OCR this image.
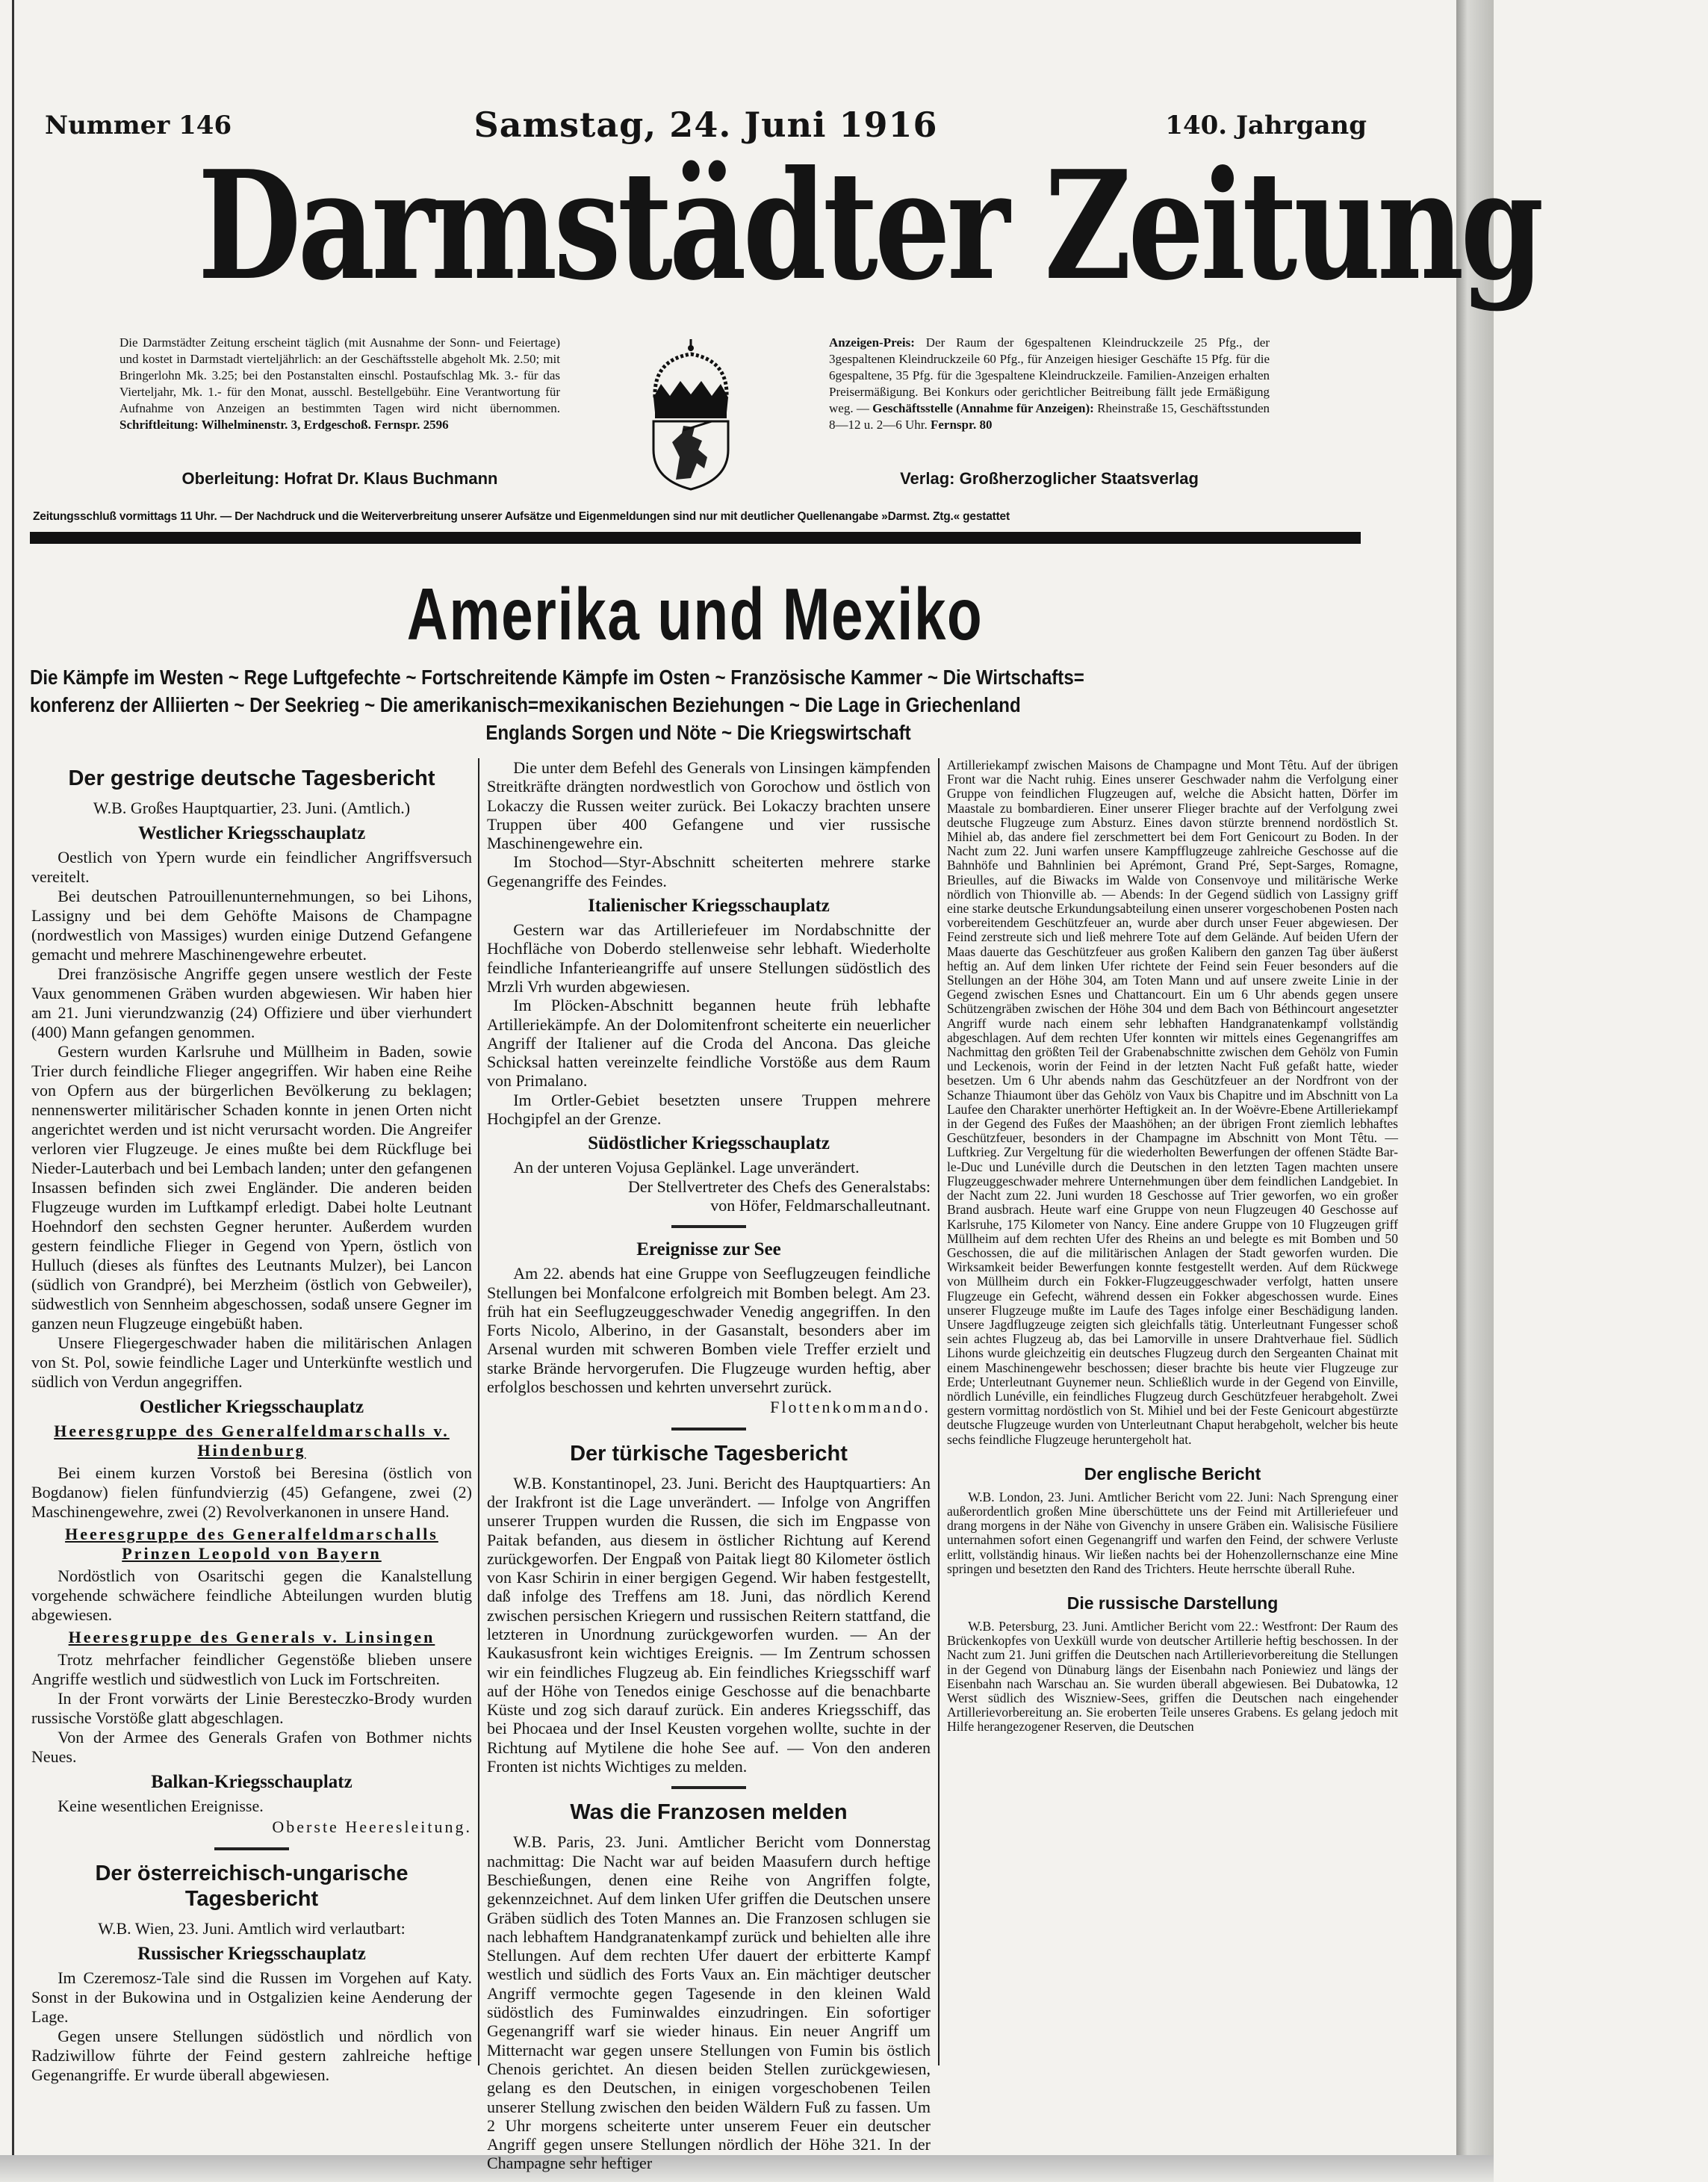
Nummer 146	Samstag, 24. Juni 1916	140. Jahrgang
Darmstädter Zeitung
Die Darmstädter Zeitung erscheint täglich (mit Ausnahme der Sonn- und Feiertage) und kostet in Darmstadt vierteljährlich: an der Geschäftsstelle abgeholt Mk. 2.50; mit Bringerlohn Mk. 3.25; bei den Postanstalten einschl. Postaufschlag Mk. 3.- für das Vierteljahr, Mk. 1.- für den Monat, ausschl. Bestellgebühr. Eine Verantwortung für Aufnahme von Anzeigen an bestimmten Tagen wird nicht übernommen. Schriftleitung: Wilhelminenstr. 3, Erdgeschoß. Fernspr. 2596
Oberleitung: Hofrat Dr. Klaus Buchmann
Anzeigen-Preis: Der Raum der 6gespaltenen Kleindruckzeile 25 Pfg., der 3gespaltenen Kleindruckzeile 60 Pfg., für Anzeigen hiesiger Geschäfte 15 Pfg. für die 6gespaltene, 35 Pfg. für die 3gespaltene Kleindruckzeile. Familien-Anzeigen erhalten Preisermäßigung. Bei Konkurs oder gerichtlicher Beitreibung fällt jede Ermäßigung weg. — Geschäftsstelle (Annahme für Anzeigen): Rheinstraße 15, Geschäftsstunden 8—12 u. 2—6 Uhr. Fernspr. 80
Verlag: Großherzoglicher Staatsverlag
Zeitungsschluß vormittags 11 Uhr. — Der Nachdruck und die Weiterverbreitung unserer Aufsätze und Eigenmeldungen sind nur mit deutlicher Quellenangabe »Darmst. Ztg.« gestattet
Amerika und Mexiko
Die Kämpfe im Westen ~ Rege Luftgefechte ~ Fortschreitende Kämpfe im Osten ~ Französische Kammer ~ Die Wirtschafts=
konferenz der Alliierten ~ Der Seekrieg ~ Die amerikanisch=mexikanischen Beziehungen ~ Die Lage in Griechenland
Englands Sorgen und Nöte ~ Die Kriegswirtschaft
Der gestrige deutsche Tagesbericht
W.B. Großes Hauptquartier, 23. Juni. (Amtlich.)
Westlicher Kriegsschauplatz

Oestlich von Ypern wurde ein feindlicher Angriffsversuch vereitelt.

Bei deutschen Patrouillenunternehmungen, so bei Lihons, Lassigny und bei dem Gehöfte Maisons de Champagne (nordwestlich von Massiges) wurden einige Dutzend Gefangene gemacht und mehrere Maschinengewehre erbeutet.

Drei französische Angriffe gegen unsere westlich der Feste Vaux genommenen Gräben wurden abgewiesen. Wir haben hier am 21. Juni vierundzwanzig (24) Offiziere und über vierhundert (400) Mann gefangen genommen.

Gestern wurden Karlsruhe und Müllheim in Baden, sowie Trier durch feindliche Flieger angegriffen. Wir haben eine Reihe von Opfern aus der bürgerlichen Bevölkerung zu beklagen; nennenswerter militärischer Schaden konnte in jenen Orten nicht angerichtet werden und ist nicht verursacht worden. Die Angreifer verloren vier Flugzeuge. Je eines mußte bei dem Rückfluge bei Nieder-Lauterbach und bei Lembach landen; unter den gefangenen Insassen befinden sich zwei Engländer. Die anderen beiden Flugzeuge wurden im Luftkampf erledigt. Dabei holte Leutnant Hoehndorf den sechsten Gegner herunter. Außerdem wurden gestern feindliche Flieger in Gegend von Ypern, östlich von Hulluch (dieses als fünftes des Leutnants Mulzer), bei Lancon (südlich von Grandpré), bei Merzheim (östlich von Gebweiler), südwestlich von Sennheim abgeschossen, sodaß unsere Gegner im ganzen neun Flugzeuge eingebüßt haben.

Unsere Fliegergeschwader haben die militärischen Anlagen von St. Pol, sowie feindliche Lager und Unterkünfte westlich und südlich von Verdun angegriffen.

Oestlicher Kriegsschauplatz
Heeresgruppe des Generalfeldmarschalls v. Hindenburg

Bei einem kurzen Vorstoß bei Beresina (östlich von Bogdanow) fielen fünfundvierzig (45) Gefangene, zwei (2) Maschinengewehre, zwei (2) Revolverkanonen in unsere Hand.

Heeresgruppe des Generalfeldmarschalls Prinzen Leopold von Bayern

Nordöstlich von Osaritschi gegen die Kanalstellung vorgehende schwächere feindliche Abteilungen wurden blutig abgewiesen.

Heeresgruppe des Generals v. Linsingen

Trotz mehrfacher feindlicher Gegenstöße blieben unsere Angriffe westlich und südwestlich von Luck im Fortschreiten.

In der Front vorwärts der Linie Beresteczko-Brody wurden russische Vorstöße glatt abgeschlagen.

Von der Armee des Generals Grafen von Bothmer nichts Neues.

Balkan-Kriegsschauplatz

Keine wesentlichen Ereignisse.

Oberste Heeresleitung.
Der österreichisch-ungarische Tagesbericht
W.B. Wien, 23. Juni. Amtlich wird verlautbart:
Russischer Kriegsschauplatz

Im Czeremosz-Tale sind die Russen im Vorgehen auf Katy. Sonst in der Bukowina und in Ostgalizien keine Aenderung der Lage.

Gegen unsere Stellungen südöstlich und nördlich von Radziwillow führte der Feind gestern zahlreiche heftige Gegenangriffe. Er wurde überall abgewiesen.

Die unter dem Befehl des Generals von Linsingen kämpfenden Streitkräfte drängten nordwestlich von Gorochow und östlich von Lokaczy die Russen weiter zurück. Bei Lokaczy brachten unsere Truppen über 400 Gefangene und vier russische Maschinengewehre ein.

Im Stochod—Styr-Abschnitt scheiterten mehrere starke Gegenangriffe des Feindes.

Italienischer Kriegsschauplatz

Gestern war das Artilleriefeuer im Nordabschnitte der Hochfläche von Doberdo stellenweise sehr lebhaft. Wiederholte feindliche Infanterieangriffe auf unsere Stellungen südöstlich des Mrzli Vrh wurden abgewiesen.

Im Plöcken-Abschnitt begannen heute früh lebhafte Artilleriekämpfe. An der Dolomitenfront scheiterte ein neuerlicher Angriff der Italiener auf die Croda del Ancona. Das gleiche Schicksal hatten vereinzelte feindliche Vorstöße aus dem Raum von Primalano.

Im Ortler-Gebiet besetzten unsere Truppen mehrere Hochgipfel an der Grenze.

Südöstlicher Kriegsschauplatz

An der unteren Vojusa Geplänkel. Lage unverändert.

Der Stellvertreter des Chefs des Generalstabs:
von Höfer, Feldmarschalleutnant.
Ereignisse zur See

Am 22. abends hat eine Gruppe von Seeflugzeugen feindliche Stellungen bei Monfalcone erfolgreich mit Bomben belegt. Am 23. früh hat ein Seeflugzeuggeschwader Venedig angegriffen. In den Forts Nicolo, Alberino, in der Gasanstalt, besonders aber im Arsenal wurden mit schweren Bomben viele Treffer erzielt und starke Brände hervorgerufen. Die Flugzeuge wurden heftig, aber erfolglos beschossen und kehrten unversehrt zurück.

Flottenkommando.
Der türkische Tagesbericht

W.B. Konstantinopel, 23. Juni. Bericht des Hauptquartiers: An der Irakfront ist die Lage unverändert. — Infolge von Angriffen unserer Truppen wurden die Russen, die sich im Engpasse von Paitak befanden, aus diesem in östlicher Richtung auf Kerend zurückgeworfen. Der Engpaß von Paitak liegt 80 Kilometer östlich von Kasr Schirin in einer bergigen Gegend. Wir haben festgestellt, daß infolge des Treffens am 18. Juni, das nördlich Kerend zwischen persischen Kriegern und russischen Reitern stattfand, die letzteren in Unordnung zurückgeworfen wurden. — An der Kaukasusfront kein wichtiges Ereignis. — Im Zentrum schossen wir ein feindliches Flugzeug ab. Ein feindliches Kriegsschiff warf auf der Höhe von Tenedos einige Geschosse auf die benachbarte Küste und zog sich darauf zurück. Ein anderes Kriegsschiff, das bei Phocaea und der Insel Keusten vorgehen wollte, suchte in der Richtung auf Mytilene die hohe See auf. — Von den anderen Fronten ist nichts Wichtiges zu melden.

Was die Franzosen melden

W.B. Paris, 23. Juni. Amtlicher Bericht vom Donnerstag nachmittag: Die Nacht war auf beiden Maasufern durch heftige Beschießungen, denen eine Reihe von Angriffen folgte, gekennzeichnet. Auf dem linken Ufer griffen die Deutschen unsere Gräben südlich des Toten Mannes an. Die Franzosen schlugen sie nach lebhaftem Handgranatenkampf zurück und behielten alle ihre Stellungen. Auf dem rechten Ufer dauert der erbitterte Kampf westlich und südlich des Forts Vaux an. Ein mächtiger deutscher Angriff vermochte gegen Tagesende in den kleinen Wald südöstlich des Fuminwaldes einzudringen. Ein sofortiger Gegenangriff warf sie wieder hinaus. Ein neuer Angriff um Mitternacht war gegen unsere Stellungen von Fumin bis östlich Chenois gerichtet. An diesen beiden Stellen zurückgewiesen, gelang es den Deutschen, in einigen vorgeschobenen Teilen unserer Stellung zwischen den beiden Wäldern Fuß zu fassen. Um 2 Uhr morgens scheiterte unter unserem Feuer ein deutscher Angriff gegen unsere Stellungen nördlich der Höhe 321. In der Champagne sehr heftiger

Artilleriekampf zwischen Maisons de Champagne und Mont Têtu. Auf der übrigen Front war die Nacht ruhig. Eines unserer Geschwader nahm die Verfolgung einer Gruppe von feindlichen Flugzeugen auf, welche die Absicht hatten, Dörfer im Maastale zu bombardieren. Einer unserer Flieger brachte auf der Verfolgung zwei deutsche Flugzeuge zum Absturz. Eines davon stürzte brennend nordöstlich St. Mihiel ab, das andere fiel zerschmettert bei dem Fort Genicourt zu Boden. In der Nacht zum 22. Juni warfen unsere Kampfflugzeuge zahlreiche Geschosse auf die Bahnhöfe und Bahnlinien bei Aprémont, Grand Pré, Sept-Sarges, Romagne, Brieulles, auf die Biwacks im Walde von Consenvoye und militärische Werke nördlich von Thionville ab. — Abends: In der Gegend südlich von Lassigny griff eine starke deutsche Erkundungsabteilung einen unserer vorgeschobenen Posten nach vorbereitendem Geschützfeuer an, wurde aber durch unser Feuer abgewiesen. Der Feind zerstreute sich und ließ mehrere Tote auf dem Gelände. Auf beiden Ufern der Maas dauerte das Geschützfeuer aus großen Kalibern den ganzen Tag über äußerst heftig an. Auf dem linken Ufer richtete der Feind sein Feuer besonders auf die Stellungen an der Höhe 304, am Toten Mann und auf unsere zweite Linie in der Gegend zwischen Esnes und Chattancourt. Ein um 6 Uhr abends gegen unsere Schützengräben zwischen der Höhe 304 und dem Bach von Béthincourt angesetzter Angriff wurde nach einem sehr lebhaften Handgranatenkampf vollständig abgeschlagen. Auf dem rechten Ufer konnten wir mittels eines Gegenangriffes am Nachmittag den größten Teil der Grabenabschnitte zwischen dem Gehölz von Fumin und Leckenois, worin der Feind in der letzten Nacht Fuß gefaßt hatte, wieder besetzen. Um 6 Uhr abends nahm das Geschützfeuer an der Nordfront von der Schanze Thiaumont über das Gehölz von Vaux bis Chapitre und im Abschnitt von La Laufee den Charakter unerhörter Heftigkeit an. In der Woëvre-Ebene Artilleriekampf in der Gegend des Fußes der Maashöhen; an der übrigen Front ziemlich lebhaftes Geschützfeuer, besonders in der Champagne im Abschnitt von Mont Têtu. — Luftkrieg. Zur Vergeltung für die wiederholten Bewerfungen der offenen Städte Bar-le-Duc und Lunéville durch die Deutschen in den letzten Tagen machten unsere Flugzeuggeschwader mehrere Unternehmungen über dem feindlichen Landgebiet. In der Nacht zum 22. Juni wurden 18 Geschosse auf Trier geworfen, wo ein großer Brand ausbrach. Heute warf eine Gruppe von neun Flugzeugen 40 Geschosse auf Karlsruhe, 175 Kilometer von Nancy. Eine andere Gruppe von 10 Flugzeugen griff Müllheim auf dem rechten Ufer des Rheins an und belegte es mit Bomben und 50 Geschossen, die auf die militärischen Anlagen der Stadt geworfen wurden. Die Wirksamkeit beider Bewerfungen konnte festgestellt werden. Auf dem Rückwege von Müllheim durch ein Fokker-Flugzeuggeschwader verfolgt, hatten unsere Flugzeuge ein Gefecht, während dessen ein Fokker abgeschossen wurde. Eines unserer Flugzeuge mußte im Laufe des Tages infolge einer Beschädigung landen. Unsere Jagdflugzeuge zeigten sich gleichfalls tätig. Unterleutnant Fungesser schoß sein achtes Flugzeug ab, das bei Lamorville in unsere Drahtverhaue fiel. Südlich Lihons wurde gleichzeitig ein deutsches Flugzeug durch den Sergeanten Chainat mit einem Maschinengewehr beschossen; dieser brachte bis heute vier Flugzeuge zur Erde; Unterleutnant Guynemer neun. Schließlich wurde in der Gegend von Einville, nördlich Lunéville, ein feindliches Flugzeug durch Geschützfeuer herabgeholt. Zwei gestern vormittag nordöstlich von St. Mihiel und bei der Feste Genicourt abgestürzte deutsche Flugzeuge wurden von Unterleutnant Chaput herabgeholt, welcher bis heute sechs feindliche Flugzeuge heruntergeholt hat.

Der englische Bericht

W.B. London, 23. Juni. Amtlicher Bericht vom 22. Juni: Nach Sprengung einer außerordentlich großen Mine überschüttete uns der Feind mit Artilleriefeuer und drang morgens in der Nähe von Givenchy in unsere Gräben ein. Walisische Füsiliere unternahmen sofort einen Gegenangriff und warfen den Feind, der schwere Verluste erlitt, vollständig hinaus. Wir ließen nachts bei der Hohenzollernschanze eine Mine springen und besetzten den Rand des Trichters. Heute herrschte überall Ruhe.

Die russische Darstellung

W.B. Petersburg, 23. Juni. Amtlicher Bericht vom 22.: Westfront: Der Raum des Brückenkopfes von Uexküll wurde von deutscher Artillerie heftig beschossen. In der Nacht zum 21. Juni griffen die Deutschen nach Artillerievorbereitung die Stellungen in der Gegend von Dünaburg längs der Eisenbahn nach Poniewiez und längs der Eisenbahn nach Warschau an. Sie wurden überall abgewiesen. Bei Dubatowka, 12 Werst südlich des Wiszniew-Sees, griffen die Deutschen nach eingehender Artillerievorbereitung an. Sie eroberten Teile unseres Grabens. Es gelang jedoch mit Hilfe herangezogener Reserven, die Deutschen
